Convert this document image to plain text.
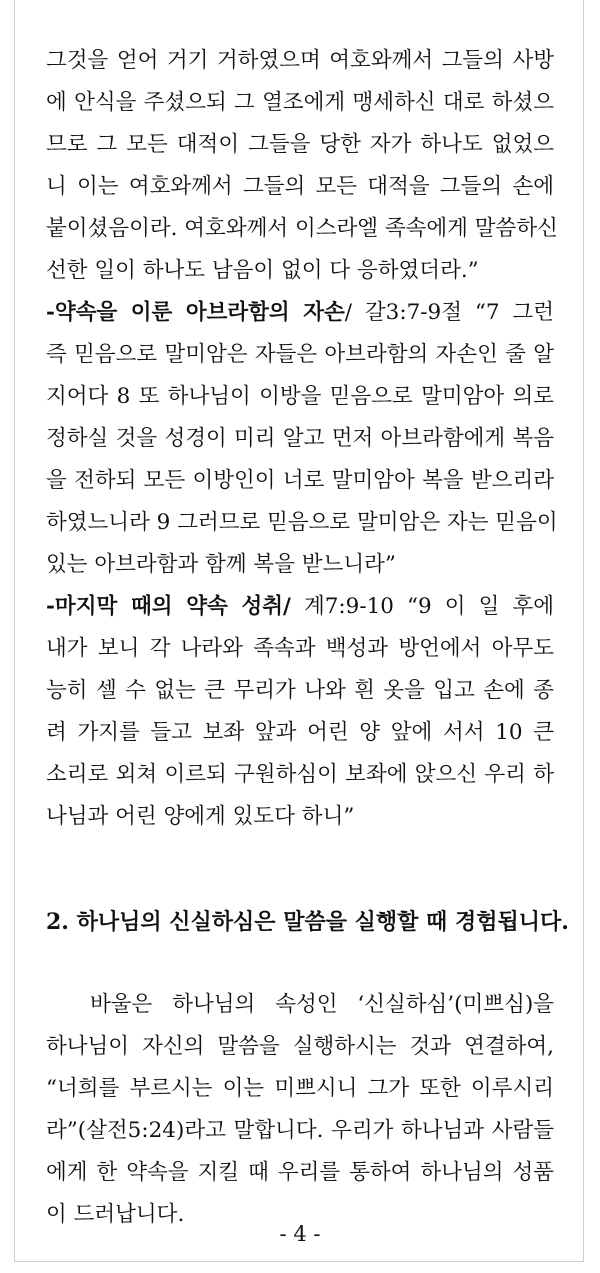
그것을 얻어 거기 거하였으며 여호와께서 그들의 사방
에 안식을 주셨으되 그 열조에게 맹세하신 대로 하셨으
므로 그 모든 대적이 그들을 당한 자가 하나도 없었으
니 이는 여호와께서 그들의 모든 대적을 그들의 손에
붙이셨음이라. 여호와께서 이스라엘 족속에게 말씀하신
선한 일이 하나도 남음이 없이 다 응하였더라.”
-약속을 이룬 아브라함의 자손/ 갈3:7-9절 “7 그런
즉 믿음으로 말미암은 자들은 아브라함의 자손인 줄 알
지어다 8 또 하나님이 이방을 믿음으로 말미암아 의로
정하실 것을 성경이 미리 알고 먼저 아브라함에게 복음
을 전하되 모든 이방인이 너로 말미암아 복을 받으리라
하였느니라 9 그러므로 믿음으로 말미암은 자는 믿음이
있는 아브라함과 함께 복을 받느니라”
-마지막 때의 약속 성취/ 계7:9-10 “9 이 일 후에
내가 보니 각 나라와 족속과 백성과 방언에서 아무도
능히 셀 수 없는 큰 무리가 나와 흰 옷을 입고 손에 종
려 가지를 들고 보좌 앞과 어린 양 앞에 서서 10 큰
소리로 외쳐 이르되 구원하심이 보좌에 앉으신 우리 하
나님과 어린 양에게 있도다 하니”
2. 하나님의 신실하심은 말씀을 실행할 때 경험됩니다.
바울은 하나님의 속성인 ‘신실하심’(미쁘심)을
하나님이 자신의 말씀을 실행하시는 것과 연결하여,
“너희를 부르시는 이는 미쁘시니 그가 또한 이루시리
라”(살전5:24)라고 말합니다. 우리가 하나님과 사람들
에게 한 약속을 지킬 때 우리를 통하여 하나님의 성품
이 드러납니다.
- 4 -
